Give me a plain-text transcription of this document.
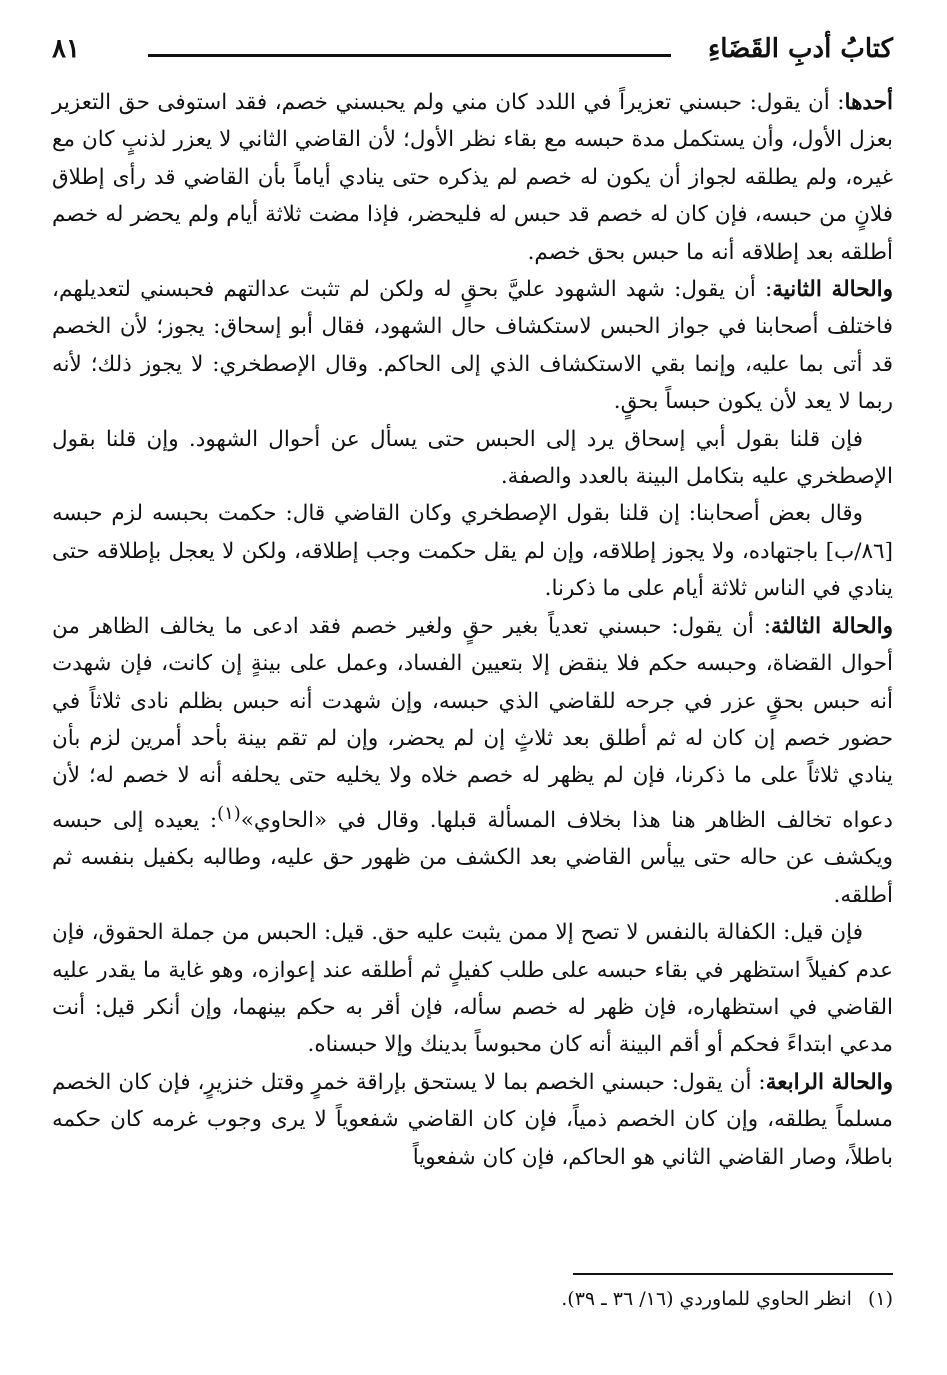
كتابُ أدبِ القَضَاءِ
٨١

أحدها: أن يقول: حبسني تعزيراً في اللدد كان مني ولم يحبسني خصم، فقد استوفى حق التعزير بعزل الأول، وأن يستكمل مدة حبسه مع بقاء نظر الأول؛ لأن القاضي الثاني لا يعزر لذنبٍ كان مع غيره، ولم يطلقه لجواز أن يكون له خصم لم يذكره حتى ينادي أياماً بأن القاضي قد رأى إطلاق فلانٍ من حبسه، فإن كان له خصم قد حبس له فليحضر، فإذا مضت ثلاثة أيام ولم يحضر له خصم أطلقه بعد إطلاقه أنه ما حبس بحق خصم.

والحالة الثانية: أن يقول: شهد الشهود عليَّ بحقٍ له ولكن لم تثبت عدالتهم فحبسني لتعديلهم، فاختلف أصحابنا في جواز الحبس لاستكشاف حال الشهود، فقال أبو إسحاق: يجوز؛ لأن الخصم قد أتى بما عليه، وإنما بقي الاستكشاف الذي إلى الحاكم. وقال الإصطخري: لا يجوز ذلك؛ لأنه ربما لا يعد لأن يكون حبساً بحقٍ.

فإن قلنا بقول أبي إسحاق يرد إلى الحبس حتى يسأل عن أحوال الشهود. وإن قلنا بقول الإصطخري عليه بتكامل البينة بالعدد والصفة.

وقال بعض أصحابنا: إن قلنا بقول الإصطخري وكان القاضي قال: حكمت بحبسه لزم حبسه [٨٦/ب] باجتهاده، ولا يجوز إطلاقه، وإن لم يقل حكمت وجب إطلاقه، ولكن لا يعجل بإطلاقه حتى ينادي في الناس ثلاثة أيام على ما ذكرنا.

والحالة الثالثة: أن يقول: حبسني تعدياً بغير حقٍ ولغير خصم فقد ادعى ما يخالف الظاهر من أحوال القضاة، وحبسه حكم فلا ينقض إلا بتعيين الفساد، وعمل على بينةٍ إن كانت، فإن شهدت أنه حبس بحقٍ عزر في جرحه للقاضي الذي حبسه، وإن شهدت أنه حبس بظلم نادى ثلاثاً في حضور خصم إن كان له ثم أطلق بعد ثلاثٍ إن لم يحضر، وإن لم تقم بينة بأحد أمرين لزم بأن ينادي ثلاثاً على ما ذكرنا، فإن لم يظهر له خصم خلاه ولا يخليه حتى يحلفه أنه لا خصم له؛ لأن دعواه تخالف الظاهر هنا هذا بخلاف المسألة قبلها. وقال في «الحاوي»$^{(١)}$: يعيده إلى حبسه ويكشف عن حاله حتى ييأس القاضي بعد الكشف من ظهور حق عليه، وطالبه بكفيل بنفسه ثم أطلقه.

فإن قيل: الكفالة بالنفس لا تصح إلا ممن يثبت عليه حق. قيل: الحبس من جملة الحقوق، فإن عدم كفيلاً استظهر في بقاء حبسه على طلب كفيلٍ ثم أطلقه عند إعوازه، وهو غاية ما يقدر عليه القاضي في استظهاره، فإن ظهر له خصم سأله، فإن أقر به حكم بينهما، وإن أنكر قيل: أنت مدعي ابتداءً فحكم أو أقم البينة أنه كان محبوساً بدينك وإلا حبسناه.

والحالة الرابعة: أن يقول: حبسني الخصم بما لا يستحق بإراقة خمرٍ وقتل خنزيرٍ، فإن كان الخصم مسلماً يطلقه، وإن كان الخصم ذمياً، فإن كان القاضي شفعوياً لا يرى وجوب غرمه كان حكمه باطلاً، وصار القاضي الثاني هو الحاكم، فإن كان شفعوياً

(١)انظر الحاوي للماوردي (١٦/ ٣٦ ـ ٣٩).
